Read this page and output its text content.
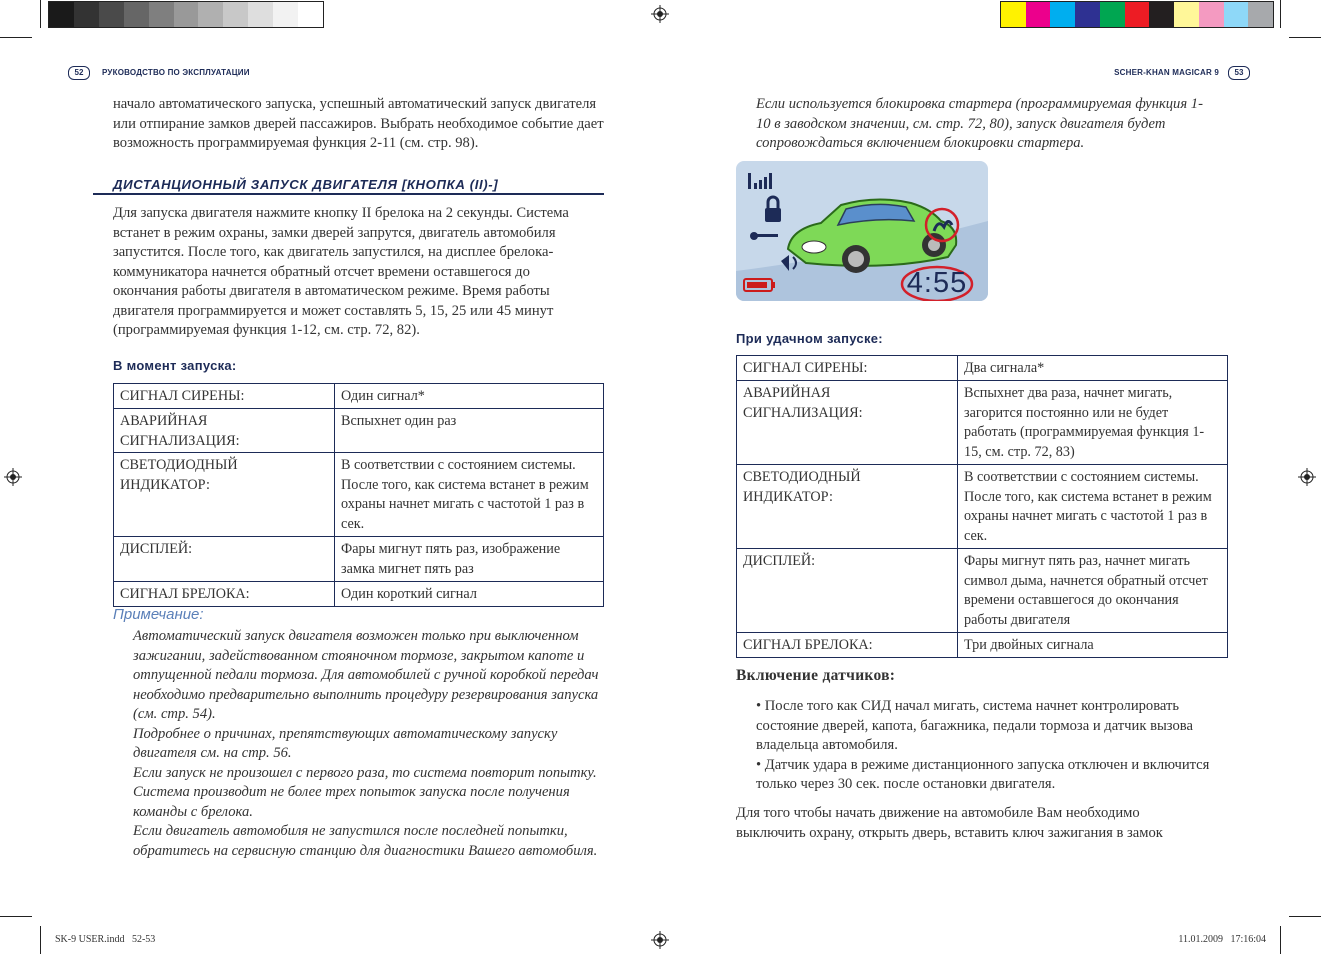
52	РУКОВОДСТВО ПО ЭКСПЛУАТАЦИИ	SCHER-KHAN MAGICAR 9	53
начало автоматического запуска, успешный автоматический запуск двигателя или отпирание замков дверей пассажиров. Выбрать необходимое событие дает возможность программируемая функция 2-11 (см. стр. 98).
ДИСТАНЦИОННЫЙ ЗАПУСК ДВИГАТЕЛЯ [КНОПКА (II)-]
Для запуска двигателя нажмите кнопку II брелока на 2 секунды. Система встанет в режим охраны, замки дверей запрутся, двигатель автомобиля запустится. После того, как двигатель запустился, на дисплее брелока-коммуникатора начнется обратный отсчет времени оставшегося до окончания работы двигателя в автоматическом режиме. Время работы двигателя программируется и может составлять 5, 15, 25 или 45 минут (программируемая функция 1-12, см. стр. 72, 82).
В момент запуска:
СИГНАЛ СИРЕНЫ:	Один сигнал*
АВАРИЙНАЯ СИГНАЛИЗАЦИЯ:	Вспыхнет один раз
СВЕТОДИОДНЫЙ ИНДИКАТОР:	В соответствии с состоянием системы. После того, как система встанет в режим охраны начнет мигать с частотой 1 раз в сек.
ДИСПЛЕЙ:	Фары мигнут пять раз, изображение замка мигнет пять раз
СИГНАЛ БРЕЛОКА:	Один короткий сигнал
Примечание:
Автоматический запуск двигателя возможен только при выключенном зажигании, задействованном стояночном тормозе, закрытом капоте и отпущенной педали тормоза. Для автомобилей с ручной коробкой передач необходимо предварительно выполнить процедуру резервирования запуска (см. стр. 54).
Подробнее о причинах, препятствующих автоматическому запуску двигателя см. на стр. 56.
Если запуск не произошел с первого раза, то система повторит попытку. Система производит не более трех попыток запуска после получения команды с брелока.
Если двигатель автомобиля не запустился после последней попытки, обратитесь на сервисную станцию для диагностики Вашего автомобиля.
Если используется блокировка стартера (программируемая функция 1-10 в заводском значении, см. стр. 72, 80), запуск двигателя будет сопровождаться включением блокировки стартера.
4:55
При удачном запуске:
СИГНАЛ СИРЕНЫ:	Два сигнала*
АВАРИЙНАЯ СИГНАЛИЗАЦИЯ:	Вспыхнет два раза, начнет мигать, загорится постоянно или не будет работать (программируемая функция 1-15, см. стр. 72, 83)
СВЕТОДИОДНЫЙ ИНДИКАТОР:	В соответствии с состоянием системы. После того, как система встанет в режим охраны начнет мигать с частотой 1 раз в сек.
ДИСПЛЕЙ:	Фары мигнут пять раз, начнет мигать символ дыма, начнется обратный отсчет времени оставшегося до окончания работы двигателя
СИГНАЛ БРЕЛОКА:	Три двойных сигнала
Включение датчиков:
• После того как СИД начал мигать, система начнет контролировать состояние дверей, капота, багажника, педали тормоза и датчик вызова владельца автомобиля.
• Датчик удара в режиме дистанционного запуска отключен и включится только через 30 сек. после остановки двигателя.
Для того чтобы начать движение на автомобиле Вам необходимо выключить охрану, открыть дверь, вставить ключ зажигания в замок
SK-9 USER.indd   52-53	11.01.2009   17:16:04
